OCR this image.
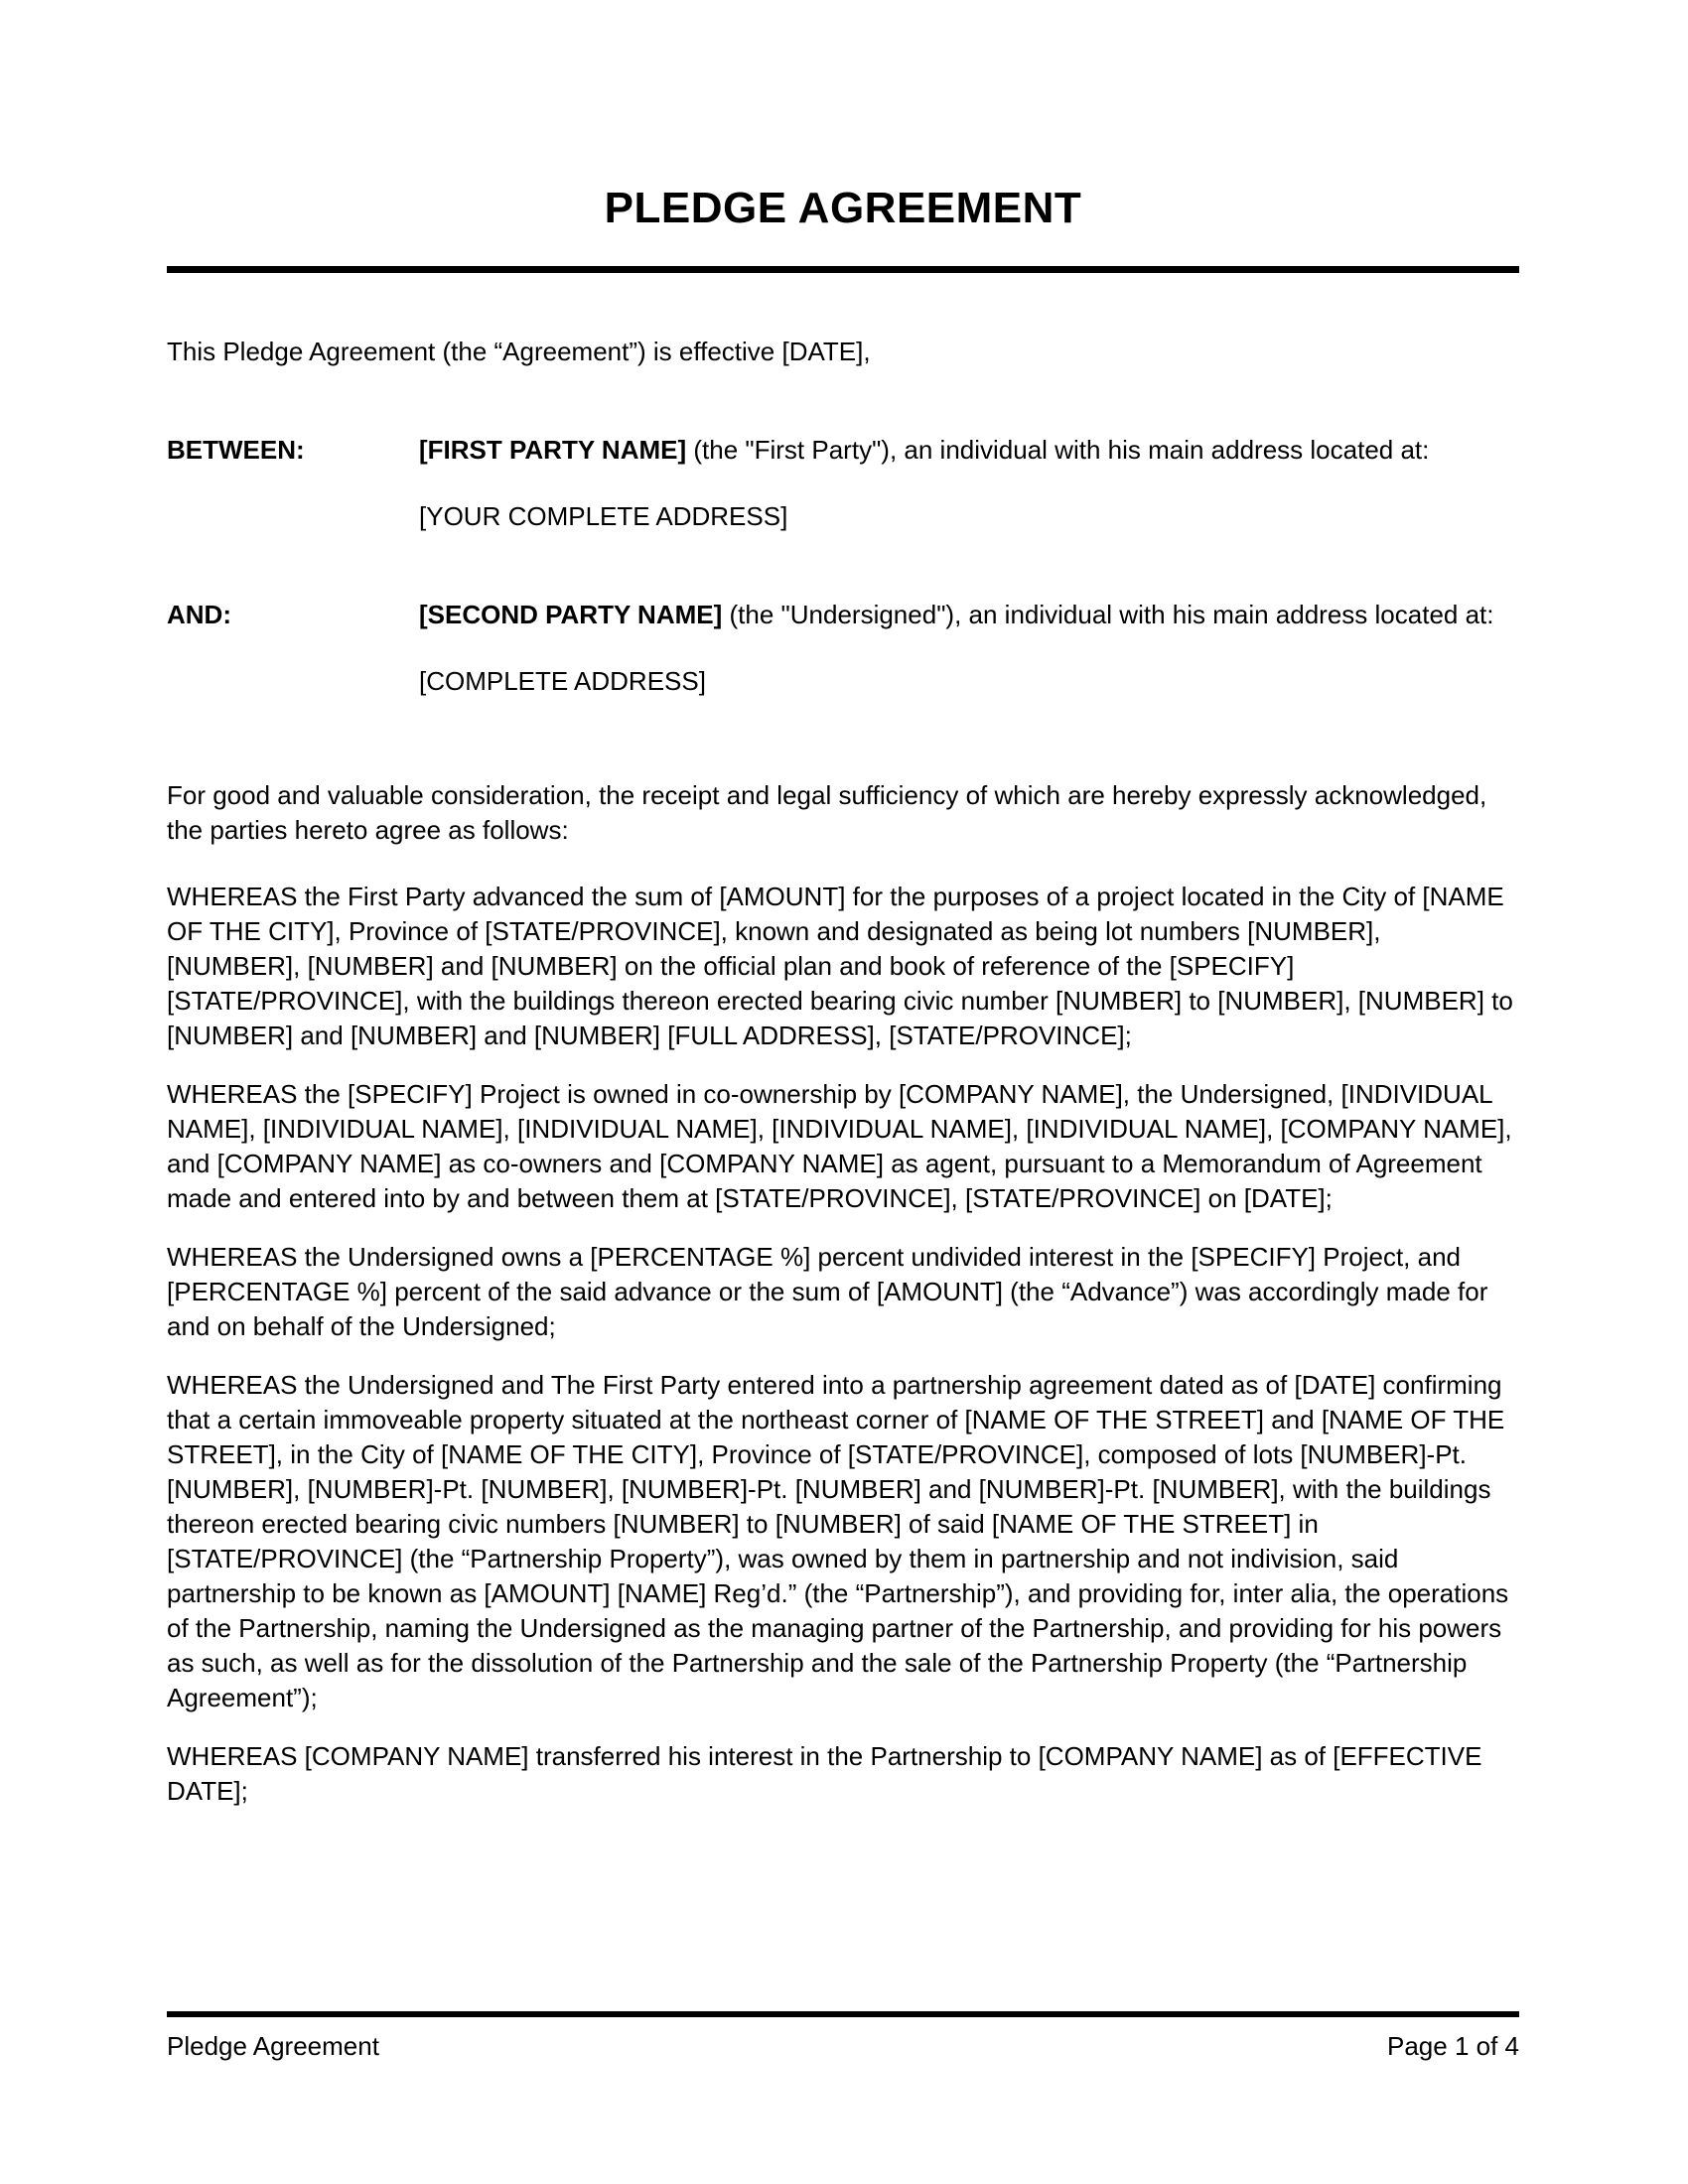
PLEDGE AGREEMENT

This Pledge Agreement (the “Agreement”) is effective [DATE],

BETWEEN:	[FIRST PARTY NAME] (the "First Party"), an individual with his main address located at:

[YOUR COMPLETE ADDRESS]

AND:	[SECOND PARTY NAME] (the "Undersigned"), an individual with his main address located at:

[COMPLETE ADDRESS]

For good and valuable consideration, the receipt and legal sufficiency of which are hereby expressly acknowledged, the parties hereto agree as follows:

WHEREAS the First Party advanced the sum of [AMOUNT] for the purposes of a project located in the City of [NAME OF THE CITY], Province of [STATE/PROVINCE], known and designated as being lot numbers [NUMBER], [NUMBER], [NUMBER] and [NUMBER] on the official plan and book of reference of the [SPECIFY] [STATE/PROVINCE], with the buildings thereon erected bearing civic number [NUMBER] to [NUMBER], [NUMBER] to [NUMBER] and [NUMBER] and [NUMBER] [FULL ADDRESS], [STATE/PROVINCE];

WHEREAS the [SPECIFY] Project is owned in co-ownership by [COMPANY NAME], the Undersigned, [INDIVIDUAL NAME], [INDIVIDUAL NAME], [INDIVIDUAL NAME], [INDIVIDUAL NAME], [INDIVIDUAL NAME], [COMPANY NAME], and [COMPANY NAME] as co-owners and [COMPANY NAME] as agent, pursuant to a Memorandum of Agreement made and entered into by and between them at [STATE/PROVINCE], [STATE/PROVINCE] on [DATE];

WHEREAS the Undersigned owns a [PERCENTAGE %] percent undivided interest in the [SPECIFY] Project, and [PERCENTAGE %] percent of the said advance or the sum of [AMOUNT] (the “Advance”) was accordingly made for and on behalf of the Undersigned;

WHEREAS the Undersigned and The First Party entered into a partnership agreement dated as of [DATE] confirming that a certain immoveable property situated at the northeast corner of [NAME OF THE STREET] and [NAME OF THE STREET], in the City of [NAME OF THE CITY], Province of [STATE/PROVINCE], composed of lots [NUMBER]-Pt. [NUMBER], [NUMBER]-Pt. [NUMBER], [NUMBER]-Pt. [NUMBER] and [NUMBER]-Pt. [NUMBER], with the buildings thereon erected bearing civic numbers [NUMBER] to [NUMBER] of said [NAME OF THE STREET] in [STATE/PROVINCE] (the “Partnership Property”), was owned by them in partnership and not indivision, said partnership to be known as [AMOUNT] [NAME] Reg’d.” (the “Partnership”), and providing for, inter alia, the operations of the Partnership, naming the Undersigned as the managing partner of the Partnership, and providing for his powers as such, as well as for the dissolution of the Partnership and the sale of the Partnership Property (the “Partnership Agreement”);

WHEREAS [COMPANY NAME] transferred his interest in the Partnership to [COMPANY NAME] as of [EFFECTIVE DATE];

Pledge Agreement	Page 1 of 4
